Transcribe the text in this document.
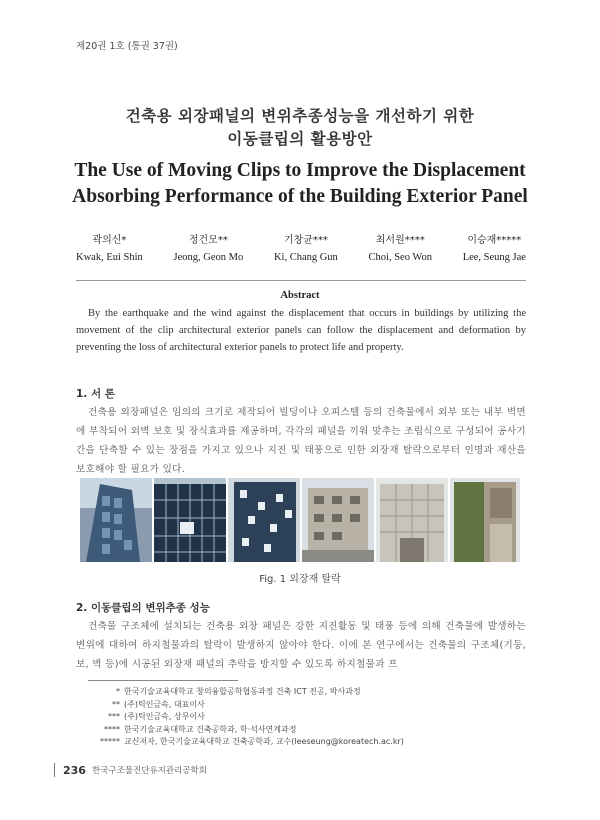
제20권 1호 (통권 37권)
건축용 외장패널의 변위추종성능을 개선하기 위한
이동클립의 활용방안
The Use of Moving Clips to Improve the Displacement
Absorbing Performance of the Building Exterior Panel
곽의신*
Kwak, Eui Shin
정건모**
Jeong, Geon Mo
기창균***
Ki, Chang Gun
최서원****
Choi, Seo Won
이승재*****
Lee, Seung Jae
Abstract
By the earthquake and the wind against the displacement that occurs in buildings by utilizing the movement of the clip architectural exterior panels can follow the displacement and deformation by preventing the loss of architectural exterior panels to protect life and property.
1. 서 론
건축용 외장패널은 임의의 크기로 제작되어 빌딩이나 오피스텔 등의 건축물에서 외부 또는 내부 벽면에 부착되어 외벽 보호 및 장식효과를 제공하며, 각각의 패널을 끼워 맞추는 조립식으로 구성되어 공사기간을 단축할 수 있는 장점을 가지고 있으나 지진 및 태풍으로 인한 외장재 탈락으로부터 인명과 재산을 보호해야 할 필요가 있다.
Fig. 1 외장재 탈락
2. 이동클립의 변위추종 성능
건축물 구조체에 설치되는 건축용 외장 패널은 강한 지진활동 및 태풍 등에 의해 건축물에 발생하는 변위에 대하여 하지철물과의 탈락이 발생하지 않아야 한다. 이에 본 연구에서는 건축물의 구조체(기둥, 보, 벽 등)에 시공된 외장재 패널의 추락을 방지할 수 있도록 하지철물과 프
* 한국기술교육대학교 창의융합공학협동과정 건축 ICT 전공, 박사과정
** (주)틱인금속, 대표이사
*** (주)틱인금속, 상무이사
**** 한국기술교육대학교 건축공학과, 학·석사연계과정
***** 교신저자, 한국기술교육대학교 건축공학과, 교수(leeseung@koreatech.ac.kr)
236 한국구조물진단유지관리공학회
